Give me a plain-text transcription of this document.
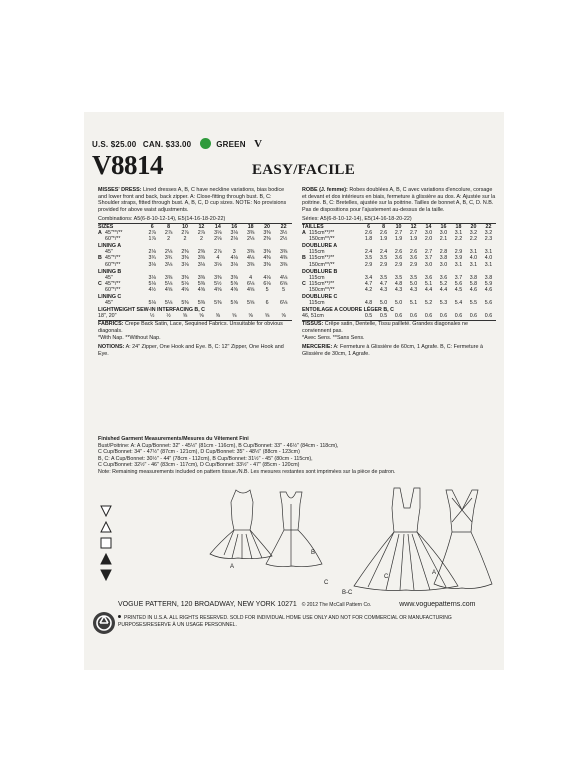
U.S. $25.00 CAN. $33.00	GREEN V
V8814	EASY/FACILE

MISSES' DRESS: Lined dresses A, B, C have neckline variations, bias bodice and lower front and back, back zipper. A: Close-fitting through bust. B, C: Shoulder straps, fitted through bust. A, B, C, D cup sizes. NOTE: No provisions provided for above waist adjustments.

Combinations: A5(6-8-10-12-14), E5(14-16-18-20-22)

SIZES		6	8	10	12	14	16	18	20	22
A	45"**/**	2⅞	2⅞	2⅞	2⅞	3⅛	3⅛	3⅜	3⅜	3½
	60"*/**	1⅞	2	2	2	2⅛	2⅛	2⅛	2⅜	2½
LINING A										
	45"	2⅛	2⅛	2⅜	2⅜	2⅞	3	3⅜	3⅜	3⅜
B	45"*/**	3¾	3¾	3⅜	3⅜	4	4⅛	4⅛	4⅜	4⅜
	60"*/**	3⅛	3⅛	3⅛	3⅛	3⅛	3⅛	3⅜	3⅜	3⅜
LINING B										
	45"	3⅛	3⅜	3⅜	3⅜	3⅜	3⅜	4	4⅛	4⅛
C	45"*/**	5⅛	5⅛	5⅛	5⅜	5½	5⅝	6⅛	6⅛	6⅝
	60"*/**	4½	4⅝	4⅝	4⅝	4⅝	4⅝	4⅝	5	5
LINING C										
	45"	5⅛	5⅛	5⅜	5⅜	5⅜	5⅝	5⅝	6	6⅛
LIGHTWEIGHT SEW-IN INTERFACING B, C										
18", 20"		½	½	⅝	⅝	⅝	⅝	⅝	⅝	⅝

FABRICS: Crepe Back Satin, Lace, Sequined Fabrics. Unsuitable for obvious diagonals.

*With Nap. **Without Nap.

NOTIONS: A: 24" Zipper, One Hook and Eye. B, C: 12" Zipper, One Hook and Eye.

ROBE (J. femme): Robes doublées A, B, C avec variations d'encolure, corsage et devant et dos intérieurs en biais, fermeture à glissière au dos. A: Ajustée sur la poitrine. B, C: Bretelles, ajustée sur la poitrine. Tailles de bonnet A, B, C, D. N.B. Pas de dispositions pour l'ajustement au-dessus de la taille.

Séries: A5(6-8-10-12-14), E5(14-16-18-20-22)

TAILLES		6	8	10	12	14	16	18	20	22
A	115cm**/**	2.6	2.6	2.7	2.7	3.0	3.0	3.1	3.2	3.2
	150cm**/**	1.8	1.9	1.9	1.9	2.0	2.1	2.2	2.2	2.3
DOUBLURE A										
	115cm	2.4	2.4	2.6	2.6	2.7	2.8	2.9	3.1	3.1
B	115cm**/**	3.5	3.5	3.6	3.6	3.7	3.8	3.9	4.0	4.0
	150cm**/**	2.9	2.9	2.9	2.9	3.0	3.0	3.1	3.1	3.1
DOUBLURE B										
	115cm	3.4	3.5	3.5	3.5	3.6	3.6	3.7	3.8	3.8
C	115cm**/**	4.7	4.7	4.8	5.0	5.1	5.2	5.6	5.8	5.9
	150cm**/**	4.2	4.3	4.3	4.3	4.4	4.4	4.5	4.6	4.6
DOUBLURE C										
	115cm	4.8	5.0	5.0	5.1	5.2	5.3	5.4	5.5	5.6
ENTOILAGE A COUDRE LÉGER B, C										
46, 51cm		0.5	0.5	0.6	0.6	0.6	0.6	0.6	0.6	0.6

TISSUS: Crêpe satin, Dentelle, Tissu pailleté. Grandes diagonales ne conviennent pas.

*Avec Sens. **Sans Sens.

MERCERIE: A: Fermeture à Glissière de 60cm, 1 Agrafe. B, C: Fermeture à Glissière de 30cm, 1 Agrafe.

Finished Garment Measurements/Mesures du Vêtement Fini

Bust/Poitrine: A: A Cup/Bonnet: 32" - 45½" (81cm - 116cm), B Cup/Bonnet: 33" - 46½" (84cm - 118cm),

C Cup/Bonnet: 34" - 47½" (87cm - 121cm), D Cup/Bonnet: 35" - 48½" (88cm - 123cm)

B, C: A Cup/Bonnet: 30½" - 44" (78cm - 112cm), B Cup/Bonnet: 31½" - 45" (80cm - 115cm),

C Cup/Bonnet: 32½" - 46" (83cm - 117cm), D Cup/Bonnet: 33½" - 47" (85cm - 120cm)

Note: Remaining measurements included on pattern tissue./N.B. Les mesures restantes sont imprimées sur la pièce de patron.

A
B
B-C
C
C
A
VOGUE PATTERN, 120 BROADWAY, NEW YORK 10271 © 2012 The McCall Pattern Co.	www.voguepatterns.com
PRINTED IN U.S.A. ALL RIGHTS RESERVED. SOLD FOR INDIVIDUAL HOME USE ONLY AND NOT FOR COMMERCIAL OR MANUFACTURING PURPOSES/RESERVE À UN USAGE PERSONNEL.
